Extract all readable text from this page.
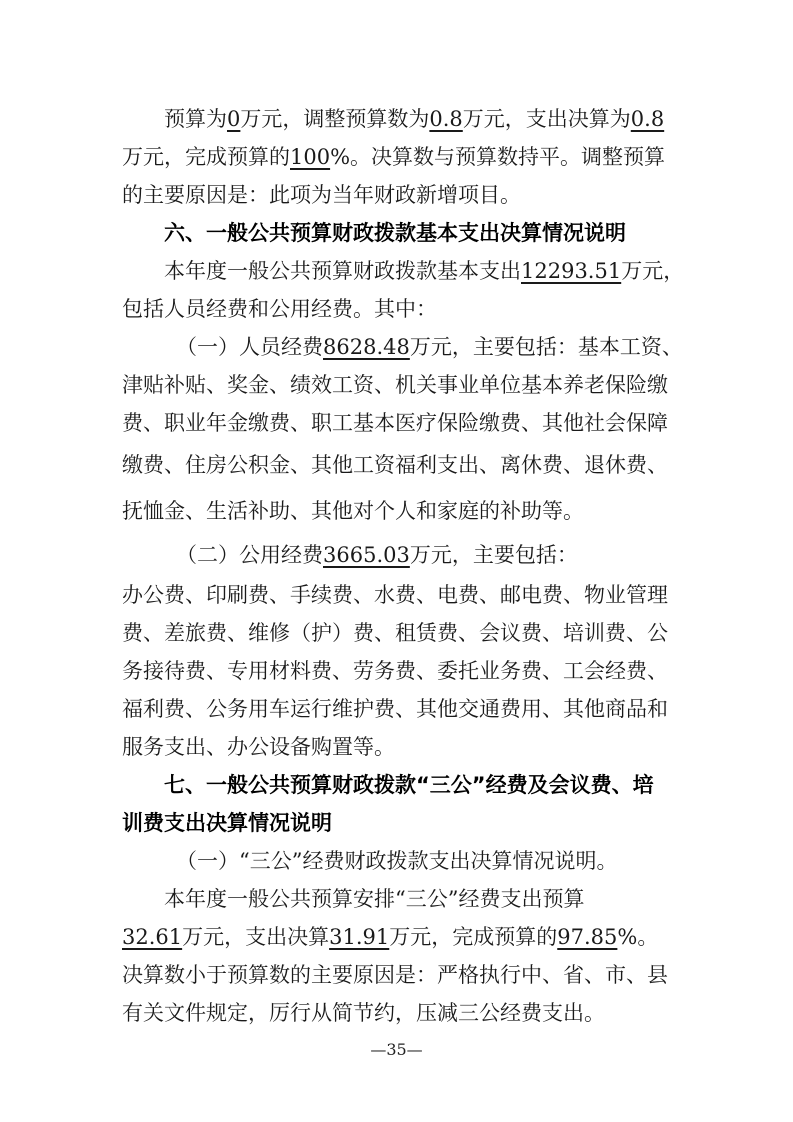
预算为0万元，调整预算数为0.8万元，支出决算为0.8
万元，完成预算的100%。决算数与预算数持平。调整预算
的主要原因是：此项为当年财政新增项目。
六、一般公共预算财政拨款基本支出决算情况说明
本年度一般公共预算财政拨款基本支出12293.51万元，
包括人员经费和公用经费。其中：
（一）人员经费8628.48万元，主要包括：基本工资、
津贴补贴、奖金、绩效工资、机关事业单位基本养老保险缴
费、职业年金缴费、职工基本医疗保险缴费、其他社会保障
缴费、住房公积金、其他工资福利支出、离休费、退休费、
抚恤金、生活补助、其他对个人和家庭的补助等。
（二）公用经费3665.03万元，主要包括：
办公费、印刷费、手续费、水费、电费、邮电费、物业管理
费、差旅费、维修（护）费、租赁费、会议费、培训费、公
务接待费、专用材料费、劳务费、委托业务费、工会经费、
福利费、公务用车运行维护费、其他交通费用、其他商品和
服务支出、办公设备购置等。
七、一般公共预算财政拨款“三公”经费及会议费、培
训费支出决算情况说明
（一）“三公”经费财政拨款支出决算情况说明。
本年度一般公共预算安排“三公”经费支出预算
32.61万元，支出决算31.91万元，完成预算的97.85%。
决算数小于预算数的主要原因是：严格执行中、省、市、县
有关文件规定，厉行从简节约，压减三公经费支出。
—35—
